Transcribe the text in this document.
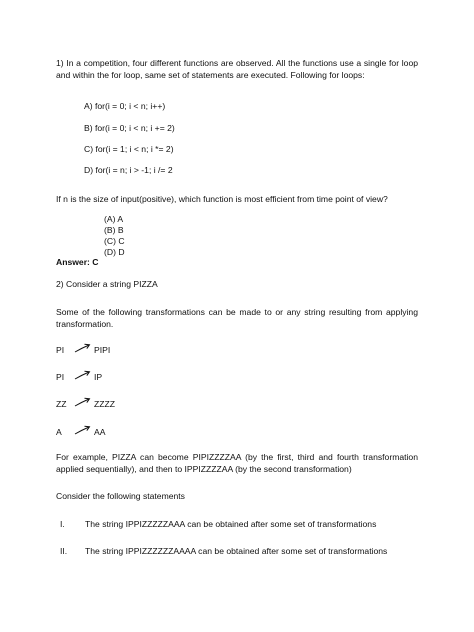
1) In a competition, four different functions are observed. All the functions use a single for loop and within the for loop, same set of statements are executed. Following for loops:
A) for(i = 0; i < n; i++)
B) for(i = 0; i < n; i += 2)
C) for(i = 1; i < n; i *= 2)
D) for(i = n; i > -1; i /= 2
If n is the size of input(positive), which function is most efficient from time point of view?
(A) A
(B) B
(C) C
(D) D
Answer: C
2) Consider a string PIZZA
Some of the following transformations can be made to or any string resulting from applying transformation.
PI	PIPI
PI	IP
ZZ	ZZZZ
A	AA
For example, PIZZA can become PIPIZZZZAA (by the first, third and fourth transformation applied sequentially), and then to IPPIZZZZAA (by the second transformation)
Consider the following statements
I. The string IPPIZZZZZAAA can be obtained after some set of transformations
II. The string IPPIZZZZZZAAAA can be obtained after some set of transformations
